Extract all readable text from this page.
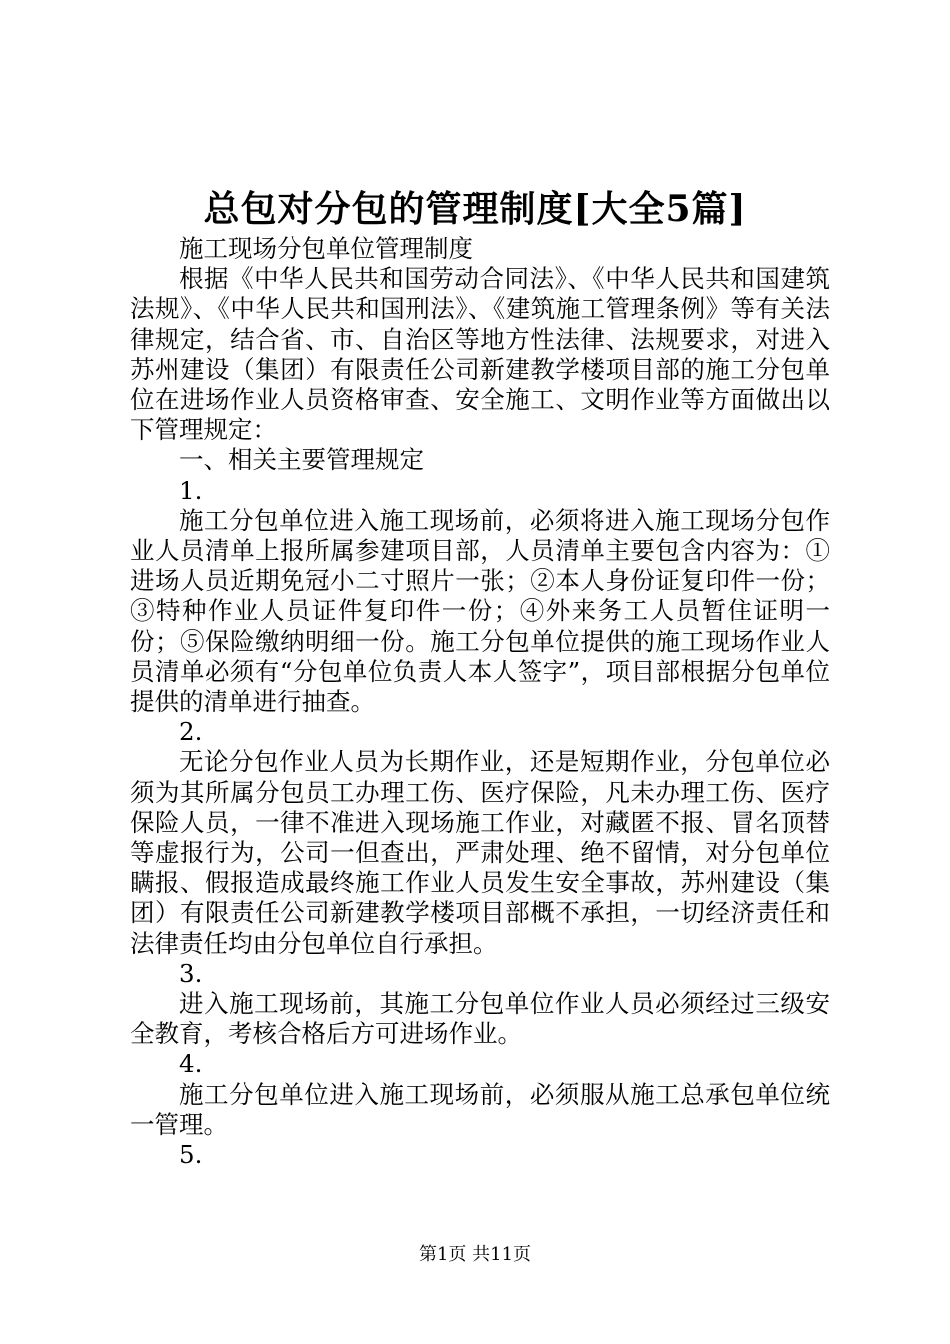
总包对分包的管理制度[大全5篇]

施工现场分包单位管理制度

根据《中华人民共和国劳动合同法》、《中华人民共和国建筑法规》、《中华人民共和国刑法》、《建筑施工管理条例》等有关法律规定，结合省、市、自治区等地方性法律、法规要求，对进入苏州建设（集团）有限责任公司新建教学楼项目部的施工分包单位在进场作业人员资格审查、安全施工、文明作业等方面做出以下管理规定：

一、相关主要管理规定

1.

施工分包单位进入施工现场前，必须将进入施工现场分包作业人员清单上报所属参建项目部，人员清单主要包含内容为：①进场人员近期免冠小二寸照片一张；②本人身份证复印件一份；③特种作业人员证件复印件一份；④外来务工人员暂住证明一份；⑤保险缴纳明细一份。施工分包单位提供的施工现场作业人员清单必须有“分包单位负责人本人签字”，项目部根据分包单位提供的清单进行抽查。

2.

无论分包作业人员为长期作业，还是短期作业，分包单位必须为其所属分包员工办理工伤、医疗保险，凡未办理工伤、医疗保险人员，一律不准进入现场施工作业，对藏匿不报、冒名顶替等虚报行为，公司一但查出，严肃处理、绝不留情，对分包单位瞒报、假报造成最终施工作业人员发生安全事故，苏州建设（集团）有限责任公司新建教学楼项目部概不承担，一切经济责任和法律责任均由分包单位自行承担。

3.

进入施工现场前，其施工分包单位作业人员必须经过三级安全教育，考核合格后方可进场作业。

4.

施工分包单位进入施工现场前，必须服从施工总承包单位统一管理。

5.

第1页 共11页
